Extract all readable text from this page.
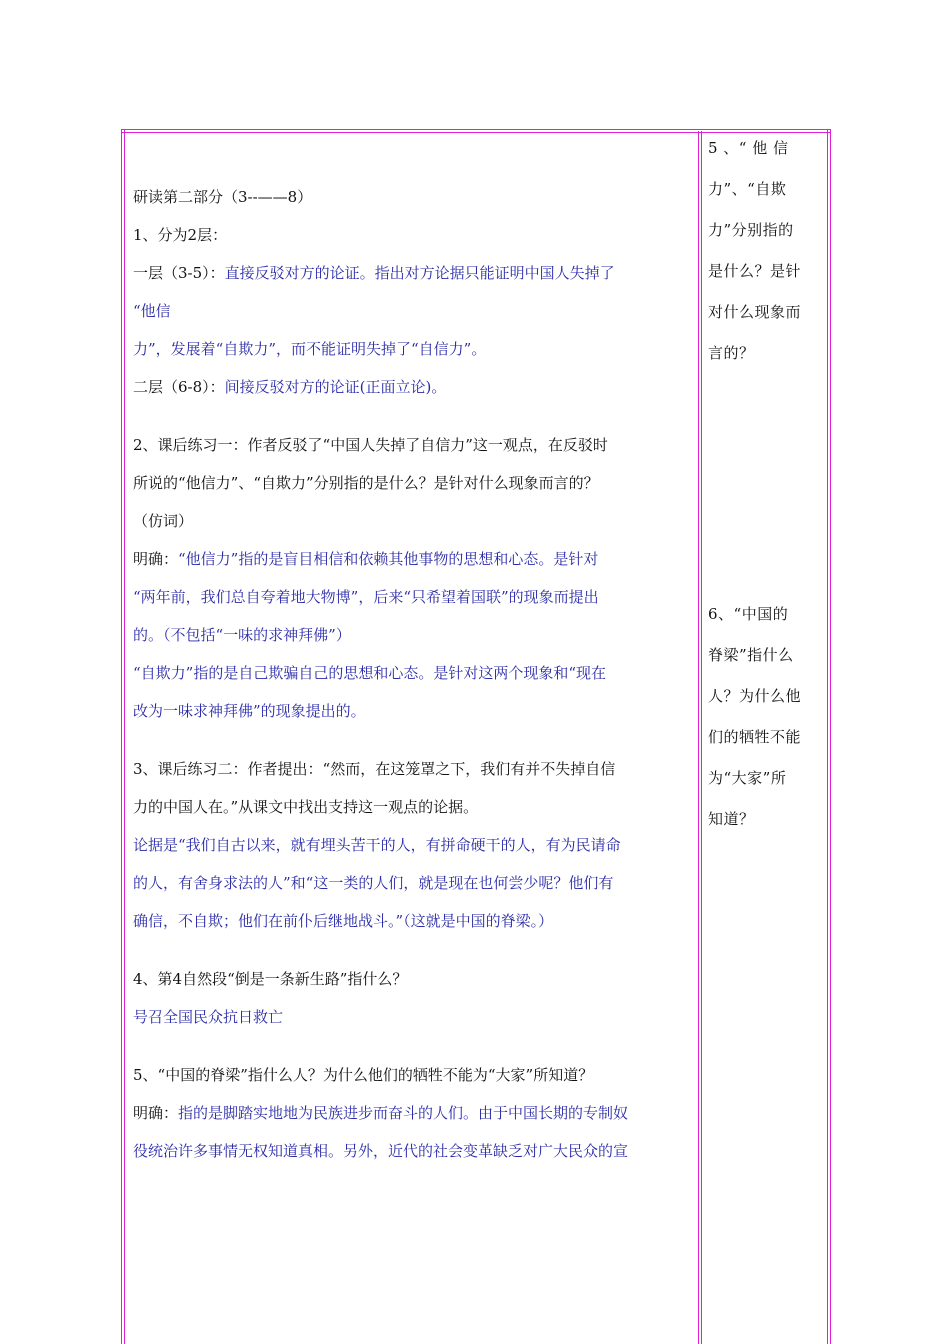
研读第二部分（3--——8）
1、分为2层：
一层（3-5）：直接反驳对方的论证。指出对方论据只能证明中国人失掉了
“他信
力”，发展着“自欺力”，而不能证明失掉了“自信力”。
二层（6-8）：间接反驳对方的论证(正面立论)。
2、课后练习一：作者反驳了“中国人失掉了自信力”这一观点，在反驳时
所说的“他信力”、“自欺力”分别指的是什么？是针对什么现象而言的？
（仿词）
明确：“他信力”指的是盲目相信和依赖其他事物的思想和心态。是针对
“两年前，我们总自夸着地大物博”，后来“只希望着国联”的现象而提出
的。（不包括“一味的求神拜佛”）
“自欺力”指的是自己欺骗自己的思想和心态。是针对这两个现象和“现在
改为一味求神拜佛”的现象提出的。
3、课后练习二：作者提出：“然而，在这笼罩之下，我们有并不失掉自信
力的中国人在。”从课文中找出支持这一观点的论据。
论据是“我们自古以来，就有埋头苦干的人，有拼命硬干的人，有为民请命
的人，有舍身求法的人”和“这一类的人们，就是现在也何尝少呢？他们有
确信，不自欺；他们在前仆后继地战斗。”（这就是中国的脊梁。）
4、第4自然段“倒是一条新生路”指什么？
号召全国民众抗日救亡
5、“中国的脊梁”指什么人？为什么他们的牺牲不能为“大家”所知道？
明确：指的是脚踏实地地为民族进步而奋斗的人们。由于中国长期的专制奴
役统治许多事情无权知道真相。另外，近代的社会变革缺乏对广大民众的宣
5 、“ 他 信
力”、“自欺
力”分别指的
是什么？是针
对什么现象而
言的？
6、“中国的
脊梁”指什么
人？为什么他
们的牺牲不能
为“大家”所
知道？
